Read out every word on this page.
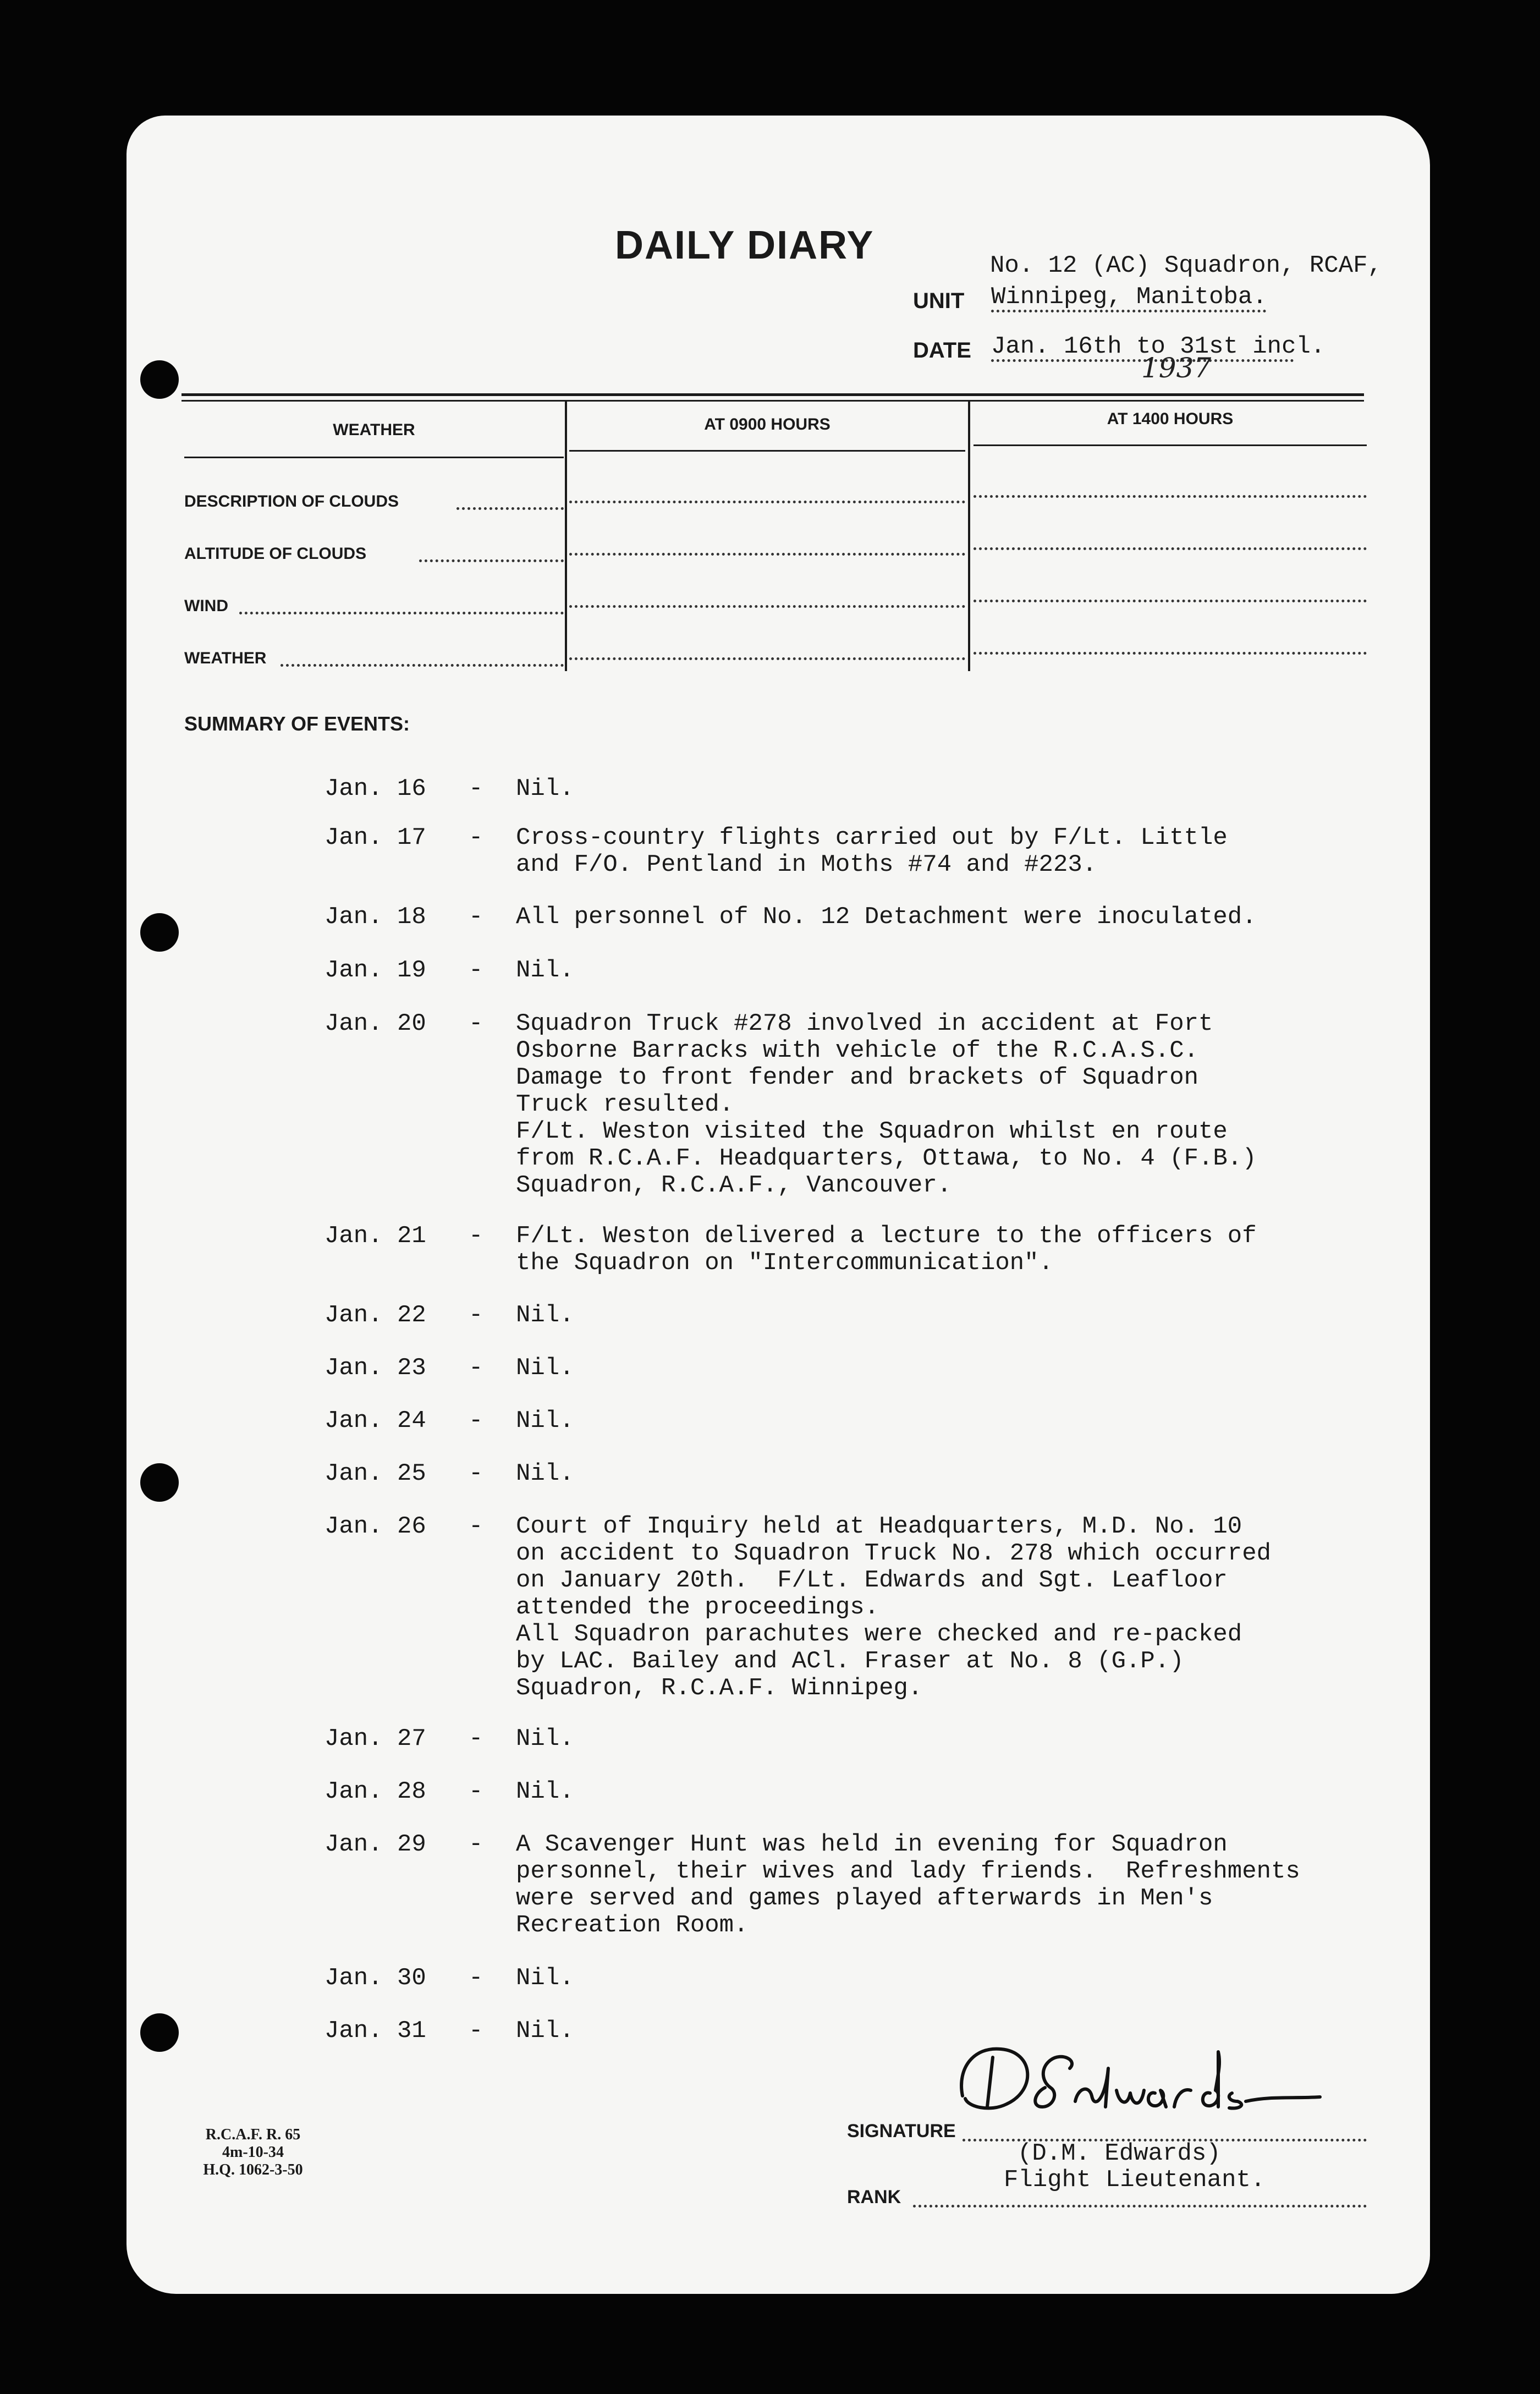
DAILY DIARY	No. 12 (AC) Squadron, RCAF,
UNIT Winnipeg, Manitoba.
DATE Jan. 16th to 31st incl.
1937
WEATHER	AT 0900 HOURS	AT 1400 HOURS
DESCRIPTION OF CLOUDS
ALTITUDE OF CLOUDS
WIND
WEATHER
SUMMARY OF EVENTS:
Jan. 16	-	Nil.
Jan. 17	-	Cross-country flights carried out by F/Lt. Little
and F/O. Pentland in Moths #74 and #223.
Jan. 18	-	All personnel of No. 12 Detachment were inoculated.
Jan. 19	-	Nil.
Jan. 20	-	Squadron Truck #278 involved in accident at Fort
Osborne Barracks with vehicle of the R.C.A.S.C.
Damage to front fender and brackets of Squadron
Truck resulted.
F/Lt. Weston visited the Squadron whilst en route
from R.C.A.F. Headquarters, Ottawa, to No. 4 (F.B.)
Squadron, R.C.A.F., Vancouver.
Jan. 21	-	F/Lt. Weston delivered a lecture to the officers of
the Squadron on "Intercommunication".
Jan. 22	-	Nil.
Jan. 23	-	Nil.
Jan. 24	-	Nil.
Jan. 25	-	Nil.
Jan. 26	-	Court of Inquiry held at Headquarters, M.D. No. 10
on accident to Squadron Truck No. 278 which occurred
on January 20th.  F/Lt. Edwards and Sgt. Leafloor
attended the proceedings.
All Squadron parachutes were checked and re-packed
by LAC. Bailey and ACl. Fraser at No. 8 (G.P.)
Squadron, R.C.A.F. Winnipeg.
Jan. 27	-	Nil.
Jan. 28	-	Nil.
Jan. 29	-	A Scavenger Hunt was held in evening for Squadron
personnel, their wives and lady friends.  Refreshments
were served and games played afterwards in Men's
Recreation Room.
Jan. 30	-	Nil.
Jan. 31	-	Nil.
SIGNATURE
(D.M. Edwards)
Flight Lieutenant.
RANK
R.C.A.F. R. 65
4m-10-34
H.Q. 1062-3-50
